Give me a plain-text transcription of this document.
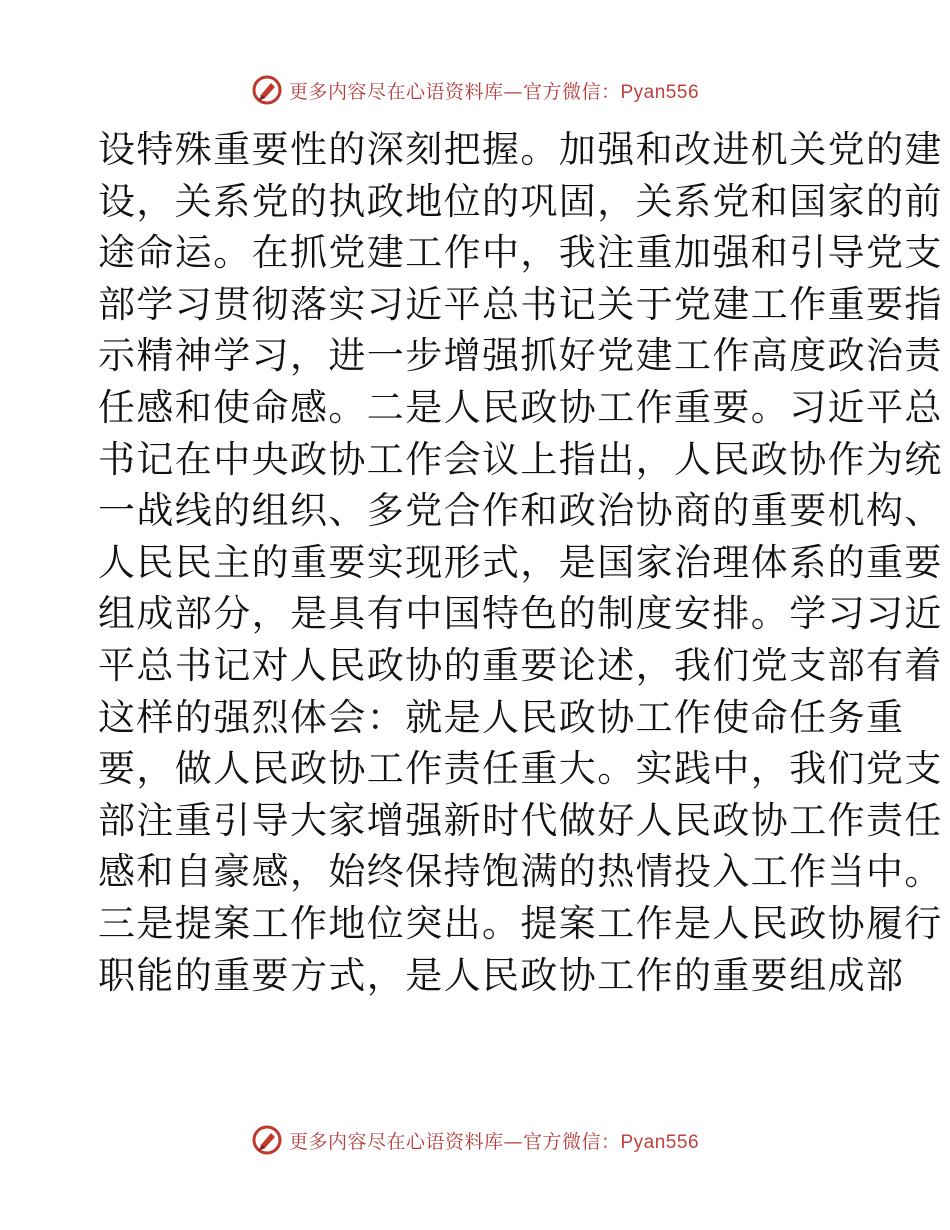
更多内容尽在心语资料库—官方微信：Pyan556
设特殊重要性的深刻把握。加强和改进机关党的建
设，关系党的执政地位的巩固，关系党和国家的前
途命运。在抓党建工作中，我注重加强和引导党支
部学习贯彻落实习近平总书记关于党建工作重要指
示精神学习，进一步增强抓好党建工作高度政治责
任感和使命感。二是人民政协工作重要。习近平总
书记在中央政协工作会议上指出，人民政协作为统
一战线的组织、多党合作和政治协商的重要机构、
人民民主的重要实现形式，是国家治理体系的重要
组成部分，是具有中国特色的制度安排。学习习近
平总书记对人民政协的重要论述，我们党支部有着
这样的强烈体会：就是人民政协工作使命任务重
要，做人民政协工作责任重大。实践中，我们党支
部注重引导大家增强新时代做好人民政协工作责任
感和自豪感，始终保持饱满的热情投入工作当中。
三是提案工作地位突出。提案工作是人民政协履行
职能的重要方式，是人民政协工作的重要组成部
更多内容尽在心语资料库—官方微信：Pyan556
